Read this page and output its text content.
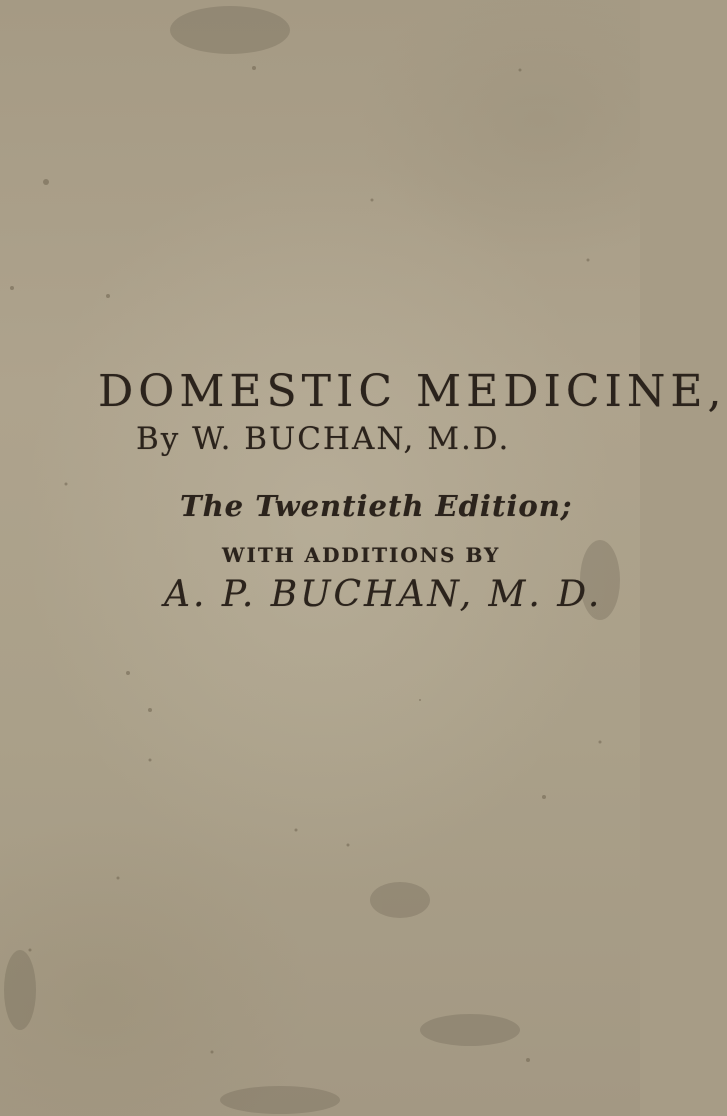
DOMESTIC MEDICINE,
By W. BUCHAN, M.D.
The Twentieth Edition;
WITH ADDITIONS BY
A. P. BUCHAN, M. D.
